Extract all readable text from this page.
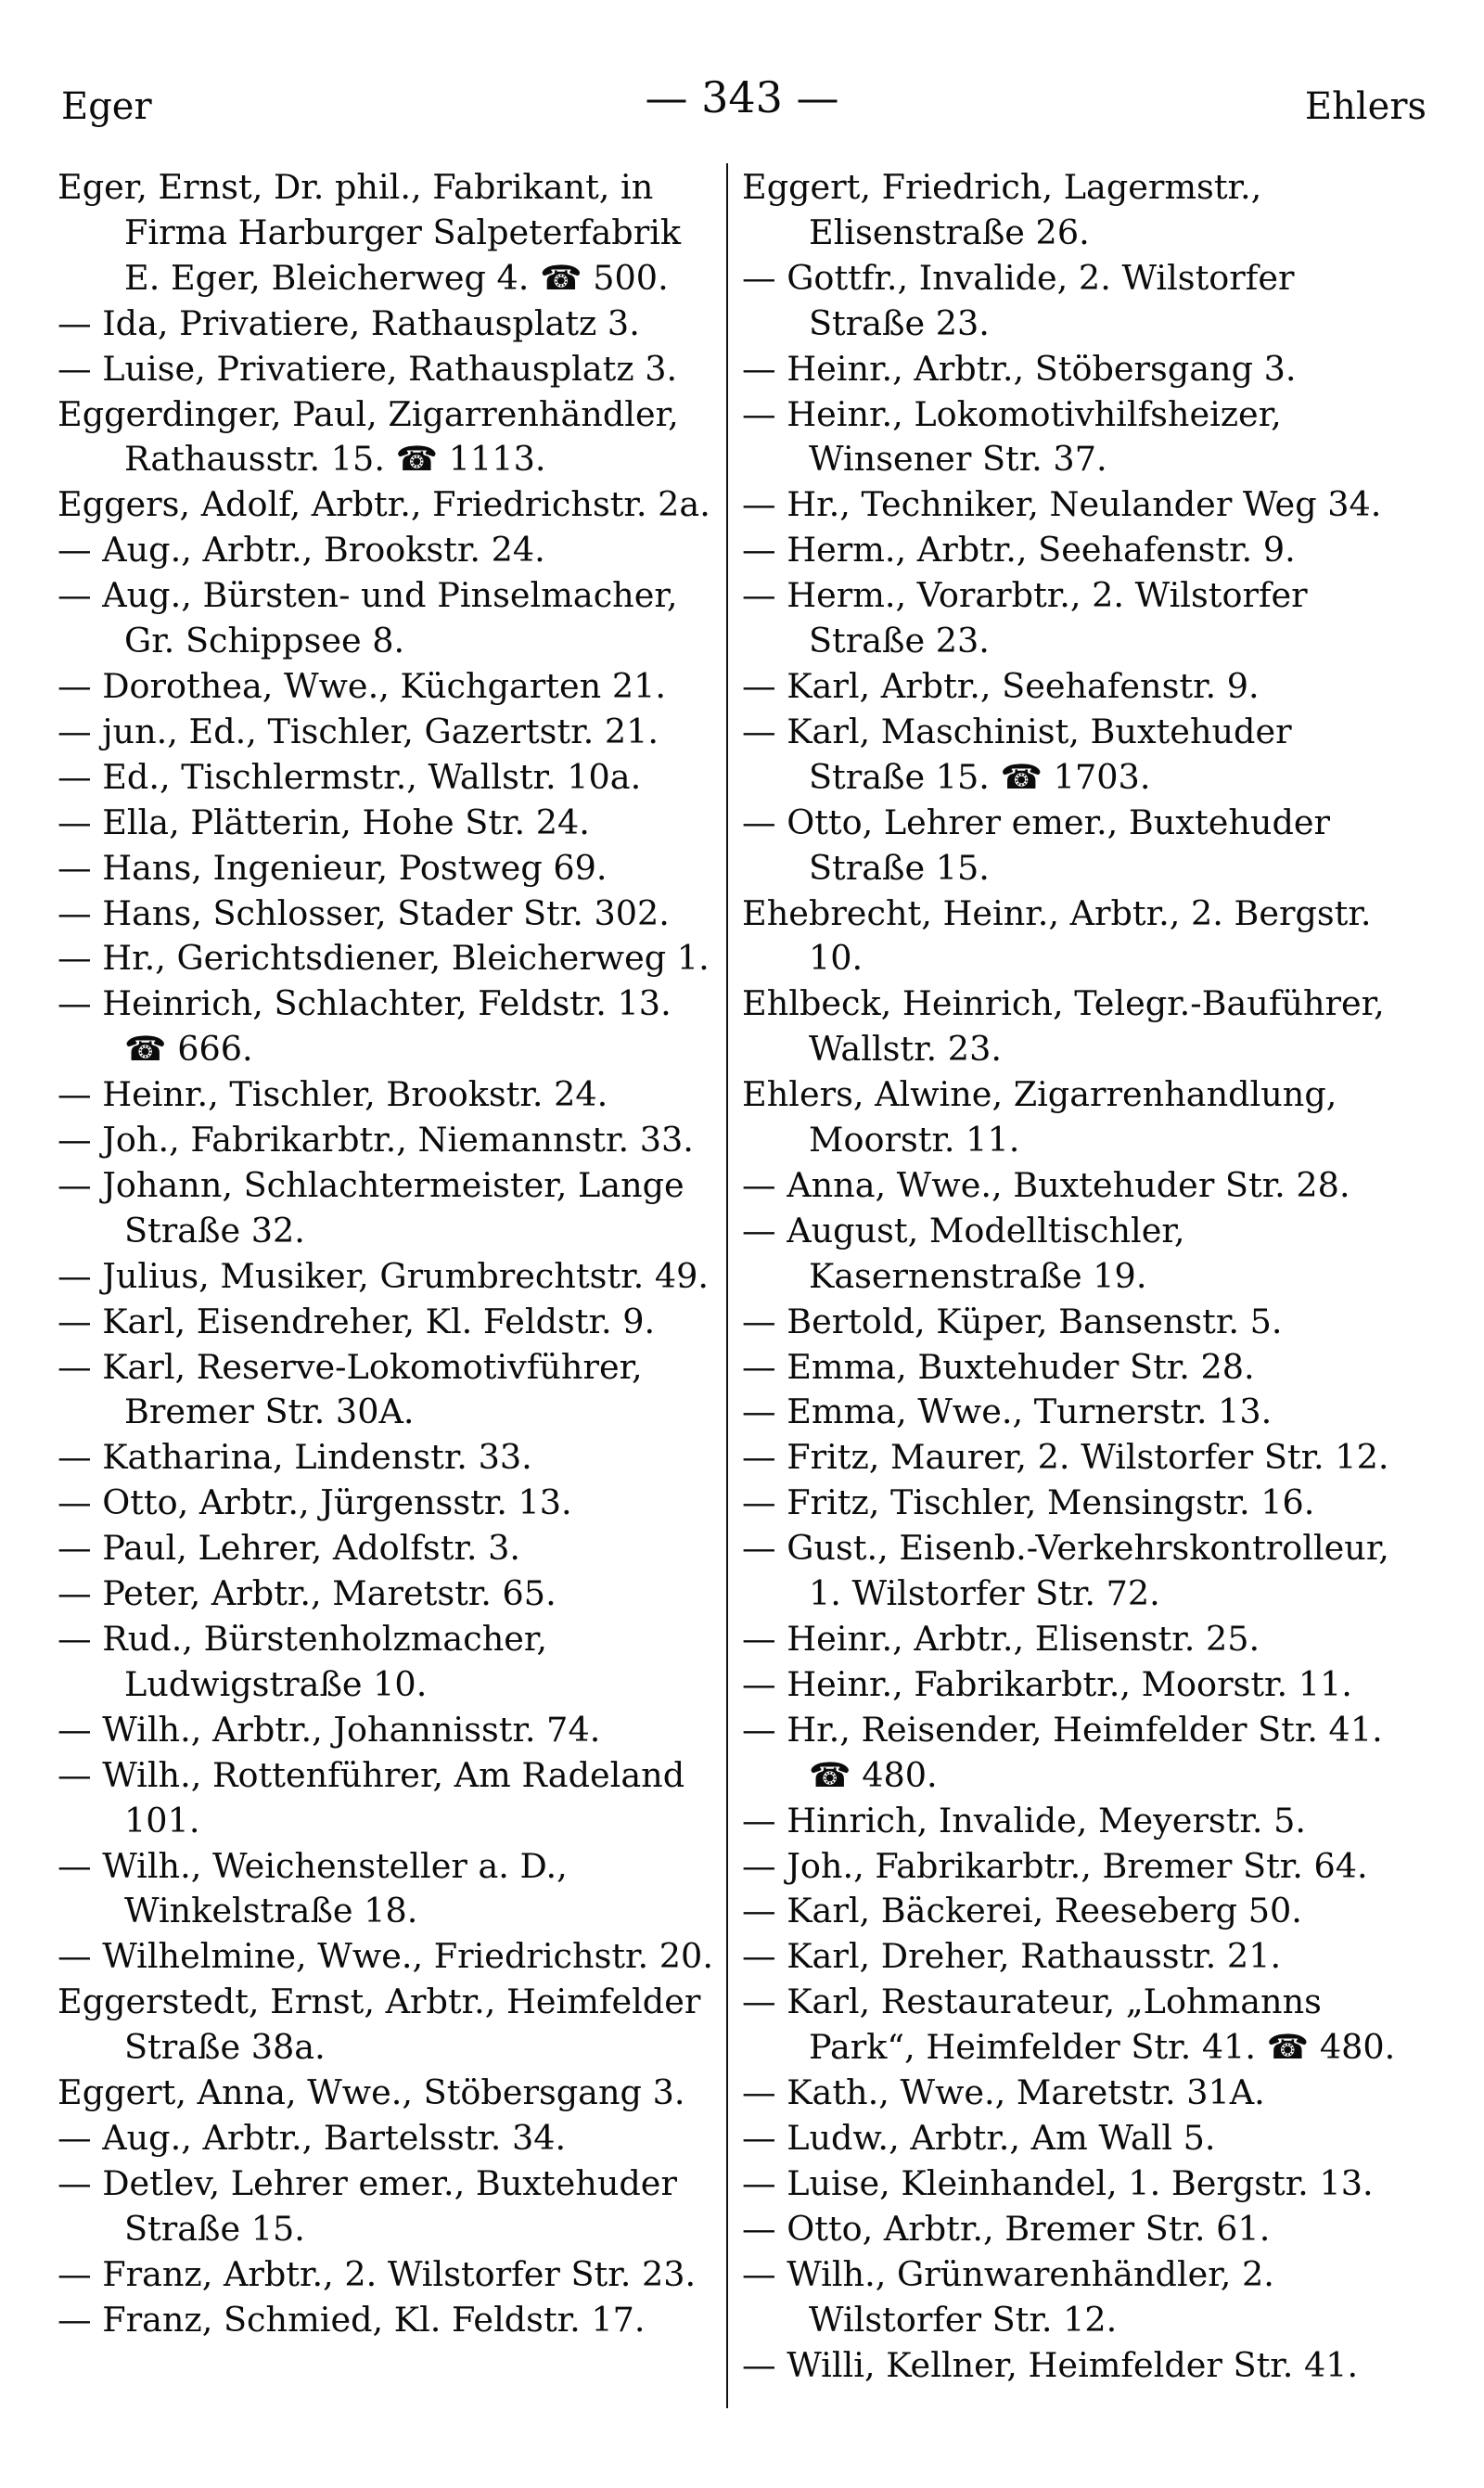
Eger	— 343 —	Ehlers
Eger, Ernst, Dr. phil., Fabrikant, in Firma Harburger Salpeterfabrik E. Eger, Bleicherweg 4. ☎ 500.
— Ida, Privatiere, Rathausplatz 3.
— Luise, Privatiere, Rathausplatz 3.
Eggerdinger, Paul, Zigarrenhändler, Rathausstr. 15. ☎ 1113.
Eggers, Adolf, Arbtr., Friedrichstr. 2a.
— Aug., Arbtr., Brookstr. 24.
— Aug., Bürsten- und Pinselmacher, Gr. Schippsee 8.
— Dorothea, Wwe., Küchgarten 21.
— jun., Ed., Tischler, Gazertstr. 21.
— Ed., Tischlermstr., Wallstr. 10a.
— Ella, Plätterin, Hohe Str. 24.
— Hans, Ingenieur, Postweg 69.
— Hans, Schlosser, Stader Str. 302.
— Hr., Gerichtsdiener, Bleicherweg 1.
— Heinrich, Schlachter, Feldstr. 13. ☎ 666.
— Heinr., Tischler, Brookstr. 24.
— Joh., Fabrikarbtr., Niemannstr. 33.
— Johann, Schlachtermeister, Lange Straße 32.
— Julius, Musiker, Grumbrechtstr. 49.
— Karl, Eisendreher, Kl. Feldstr. 9.
— Karl, Reserve-Lokomotivführer, Bremer Str. 30A.
— Katharina, Lindenstr. 33.
— Otto, Arbtr., Jürgensstr. 13.
— Paul, Lehrer, Adolfstr. 3.
— Peter, Arbtr., Maretstr. 65.
— Rud., Bürstenholzmacher, Ludwigstraße 10.
— Wilh., Arbtr., Johannisstr. 74.
— Wilh., Rottenführer, Am Radeland 101.
— Wilh., Weichensteller a. D., Winkelstraße 18.
— Wilhelmine, Wwe., Friedrichstr. 20.
Eggerstedt, Ernst, Arbtr., Heimfelder Straße 38a.
Eggert, Anna, Wwe., Stöbersgang 3.
— Aug., Arbtr., Bartelsstr. 34.
— Detlev, Lehrer emer., Buxtehuder Straße 15.
— Franz, Arbtr., 2. Wilstorfer Str. 23.
— Franz, Schmied, Kl. Feldstr. 17.
Eggert, Friedrich, Lagermstr., Elisenstraße 26.
— Gottfr., Invalide, 2. Wilstorfer Straße 23.
— Heinr., Arbtr., Stöbersgang 3.
— Heinr., Lokomotivhilfsheizer, Winsener Str. 37.
— Hr., Techniker, Neulander Weg 34.
— Herm., Arbtr., Seehafenstr. 9.
— Herm., Vorarbtr., 2. Wilstorfer Straße 23.
— Karl, Arbtr., Seehafenstr. 9.
— Karl, Maschinist, Buxtehuder Straße 15. ☎ 1703.
— Otto, Lehrer emer., Buxtehuder Straße 15.
Ehebrecht, Heinr., Arbtr., 2. Bergstr. 10.
Ehlbeck, Heinrich, Telegr.-Bauführer, Wallstr. 23.
Ehlers, Alwine, Zigarrenhandlung, Moorstr. 11.
— Anna, Wwe., Buxtehuder Str. 28.
— August, Modelltischler, Kasernenstraße 19.
— Bertold, Küper, Bansenstr. 5.
— Emma, Buxtehuder Str. 28.
— Emma, Wwe., Turnerstr. 13.
— Fritz, Maurer, 2. Wilstorfer Str. 12.
— Fritz, Tischler, Mensingstr. 16.
— Gust., Eisenb.-Verkehrskontrolleur, 1. Wilstorfer Str. 72.
— Heinr., Arbtr., Elisenstr. 25.
— Heinr., Fabrikarbtr., Moorstr. 11.
— Hr., Reisender, Heimfelder Str. 41. ☎ 480.
— Hinrich, Invalide, Meyerstr. 5.
— Joh., Fabrikarbtr., Bremer Str. 64.
— Karl, Bäckerei, Reeseberg 50.
— Karl, Dreher, Rathausstr. 21.
— Karl, Restaurateur, „Lohmanns Park“, Heimfelder Str. 41. ☎ 480.
— Kath., Wwe., Maretstr. 31A.
— Ludw., Arbtr., Am Wall 5.
— Luise, Kleinhandel, 1. Bergstr. 13.
— Otto, Arbtr., Bremer Str. 61.
— Wilh., Grünwarenhändler, 2. Wilstorfer Str. 12.
— Willi, Kellner, Heimfelder Str. 41.
